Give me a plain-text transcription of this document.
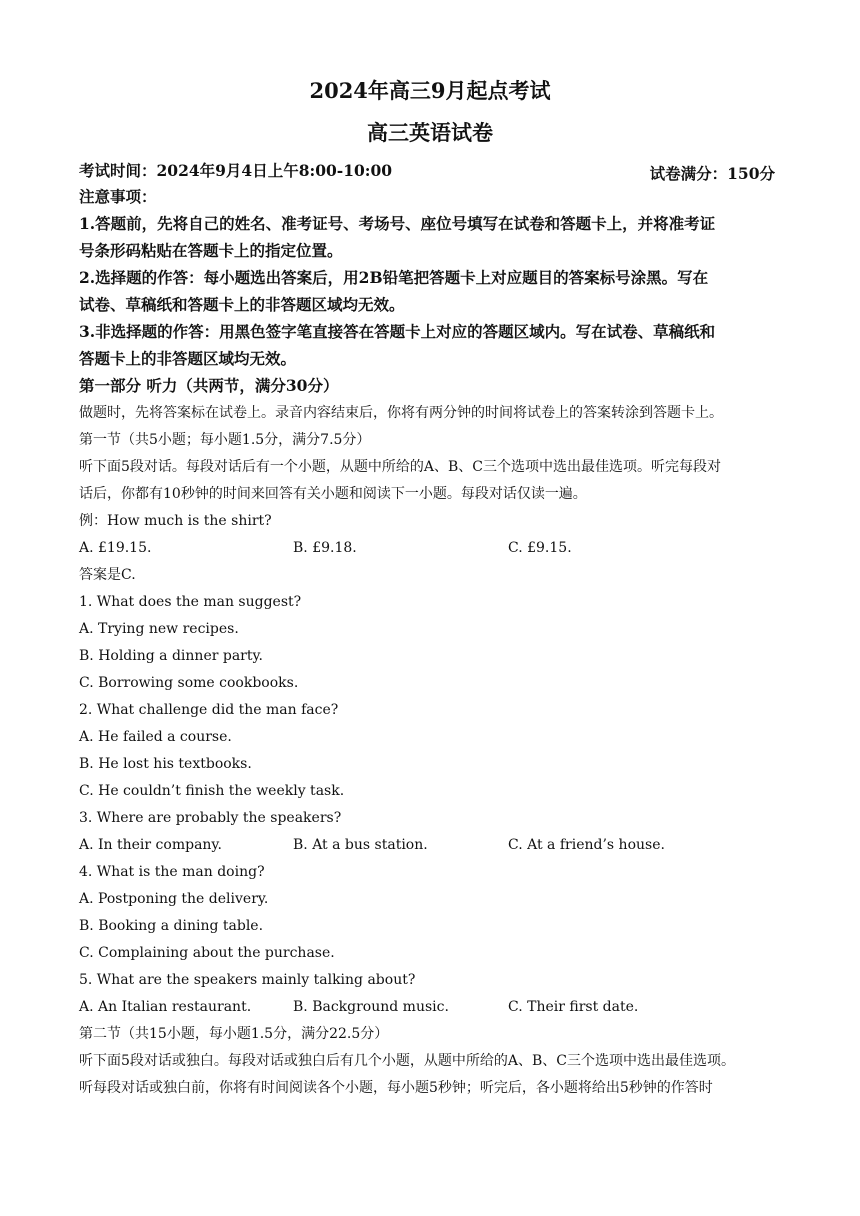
2024年高三9月起点考试
高三英语试卷
考试时间：2024年9月4日上午8:00-10:00	试卷满分：150分
注意事项：
1.答题前，先将自己的姓名、准考证号、考场号、座位号填写在试卷和答题卡上，并将准考证
号条形码粘贴在答题卡上的指定位置。
2.选择题的作答：每小题选出答案后，用2B铅笔把答题卡上对应题目的答案标号涂黑。写在
试卷、草稿纸和答题卡上的非答题区域均无效。
3.非选择题的作答：用黑色签字笔直接答在答题卡上对应的答题区域内。写在试卷、草稿纸和
答题卡上的非答题区域均无效。
第一部分 听力（共两节，满分30分）
做题时，先将答案标在试卷上。录音内容结束后，你将有两分钟的时间将试卷上的答案转涂到答题卡上。
第一节（共5小题；每小题1.5分，满分7.5分）
听下面5段对话。每段对话后有一个小题，从题中所给的A、B、C三个选项中选出最佳选项。听完每段对
话后，你都有10秒钟的时间来回答有关小题和阅读下一小题。每段对话仅读一遍。
例：How much is the shirt?
A. £19.15.	B. £9.18.	C. £9.15.
答案是C.
1. What does the man suggest?
A. Trying new recipes.
B. Holding a dinner party.
C. Borrowing some cookbooks.
2. What challenge did the man face?
A. He failed a course.
B. He lost his textbooks.
C. He couldn’t finish the weekly task.
3. Where are probably the speakers?
A. In their company.	B. At a bus station.	C. At a friend’s house.
4. What is the man doing?
A. Postponing the delivery.
B. Booking a dining table.
C. Complaining about the purchase.
5. What are the speakers mainly talking about?
A. An Italian restaurant.	B. Background music.	C. Their first date.
第二节（共15小题，每小题1.5分，满分22.5分）
听下面5段对话或独白。每段对话或独白后有几个小题，从题中所给的A、B、C三个选项中选出最佳选项。
听每段对话或独白前，你将有时间阅读各个小题，每小题5秒钟；听完后，各小题将给出5秒钟的作答时
